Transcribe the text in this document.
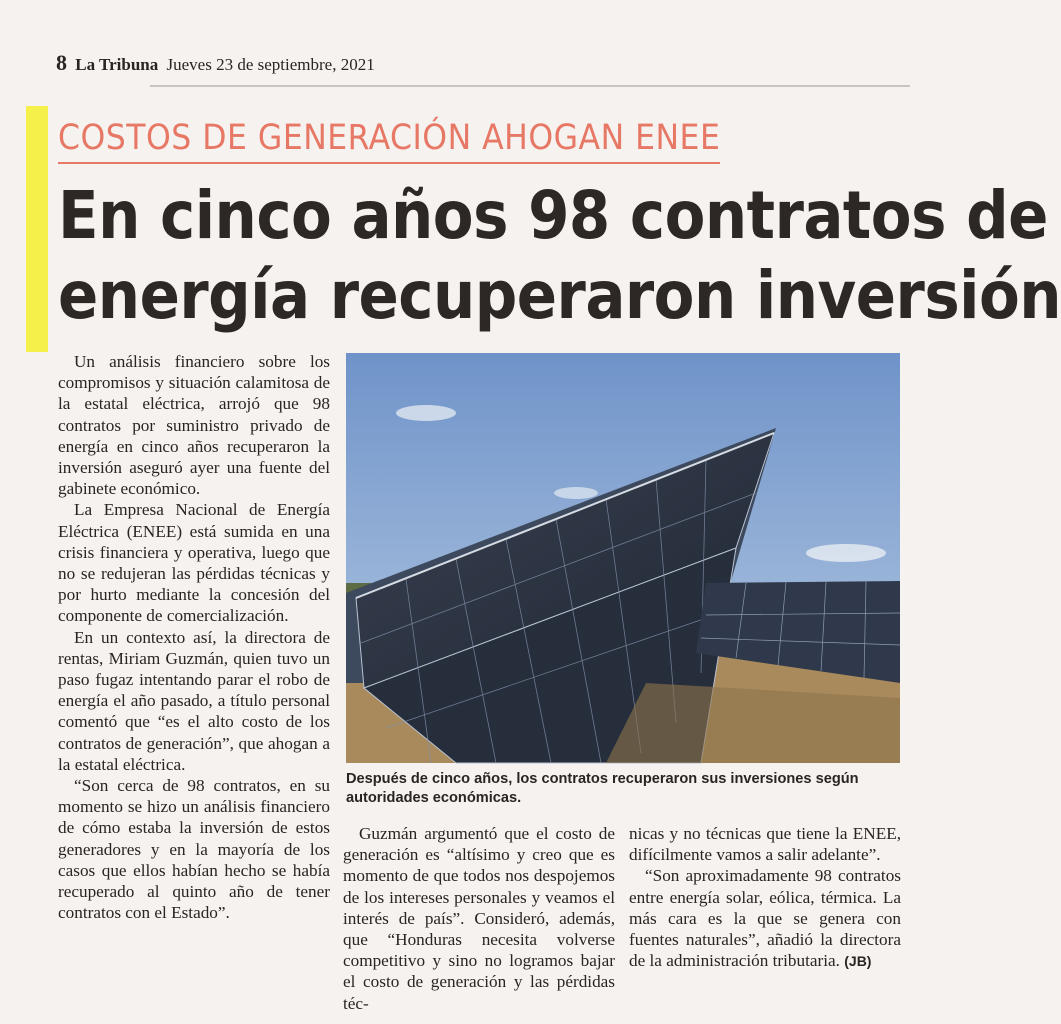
8 La Tribuna Jueves 23 de septiembre, 2021
COSTOS DE GENERACIÓN AHOGAN ENEE
En cinco años 98 contratos de
energía recuperaron inversión

Un análisis financiero sobre los compromisos y situación calamitosa de la estatal eléctrica, arrojó que 98 contratos por suministro privado de energía en cinco años recuperaron la inversión aseguró ayer una fuente del gabinete económico.

La Empresa Nacional de Energía Eléctrica (ENEE) está sumida en una crisis financiera y operativa, luego que no se redujeran las pérdidas técnicas y por hurto mediante la concesión del componente de comercialización.

En un contexto así, la directora de rentas, Miriam Guzmán, quien tuvo un paso fugaz intentando parar el robo de energía el año pasado, a título personal comentó que “es el alto costo de los contratos de generación”, que ahogan a la estatal eléctrica.

“Son cerca de 98 contratos, en su momento se hizo un análisis financiero de cómo estaba la inversión de estos generadores y en la mayoría de los casos que ellos habían hecho se había recuperado al quinto año de tener contratos con el Estado”.

Después de cinco años, los contratos recuperaron sus inversiones según autoridades económicas.

Guzmán argumentó que el costo de generación es “altísimo y creo que es momento de que todos nos despojemos de los intereses personales y veamos el interés de país”. Consideró, además, que “Honduras necesita volverse competitivo y sino no logramos bajar el costo de generación y las pérdidas téc-

nicas y no técnicas que tiene la ENEE, difícilmente vamos a salir adelante”.

“Son aproximadamente 98 contratos entre energía solar, eólica, térmica. La más cara es la que se genera con fuentes naturales”, añadió la directora de la administración tributaria. (JB)
